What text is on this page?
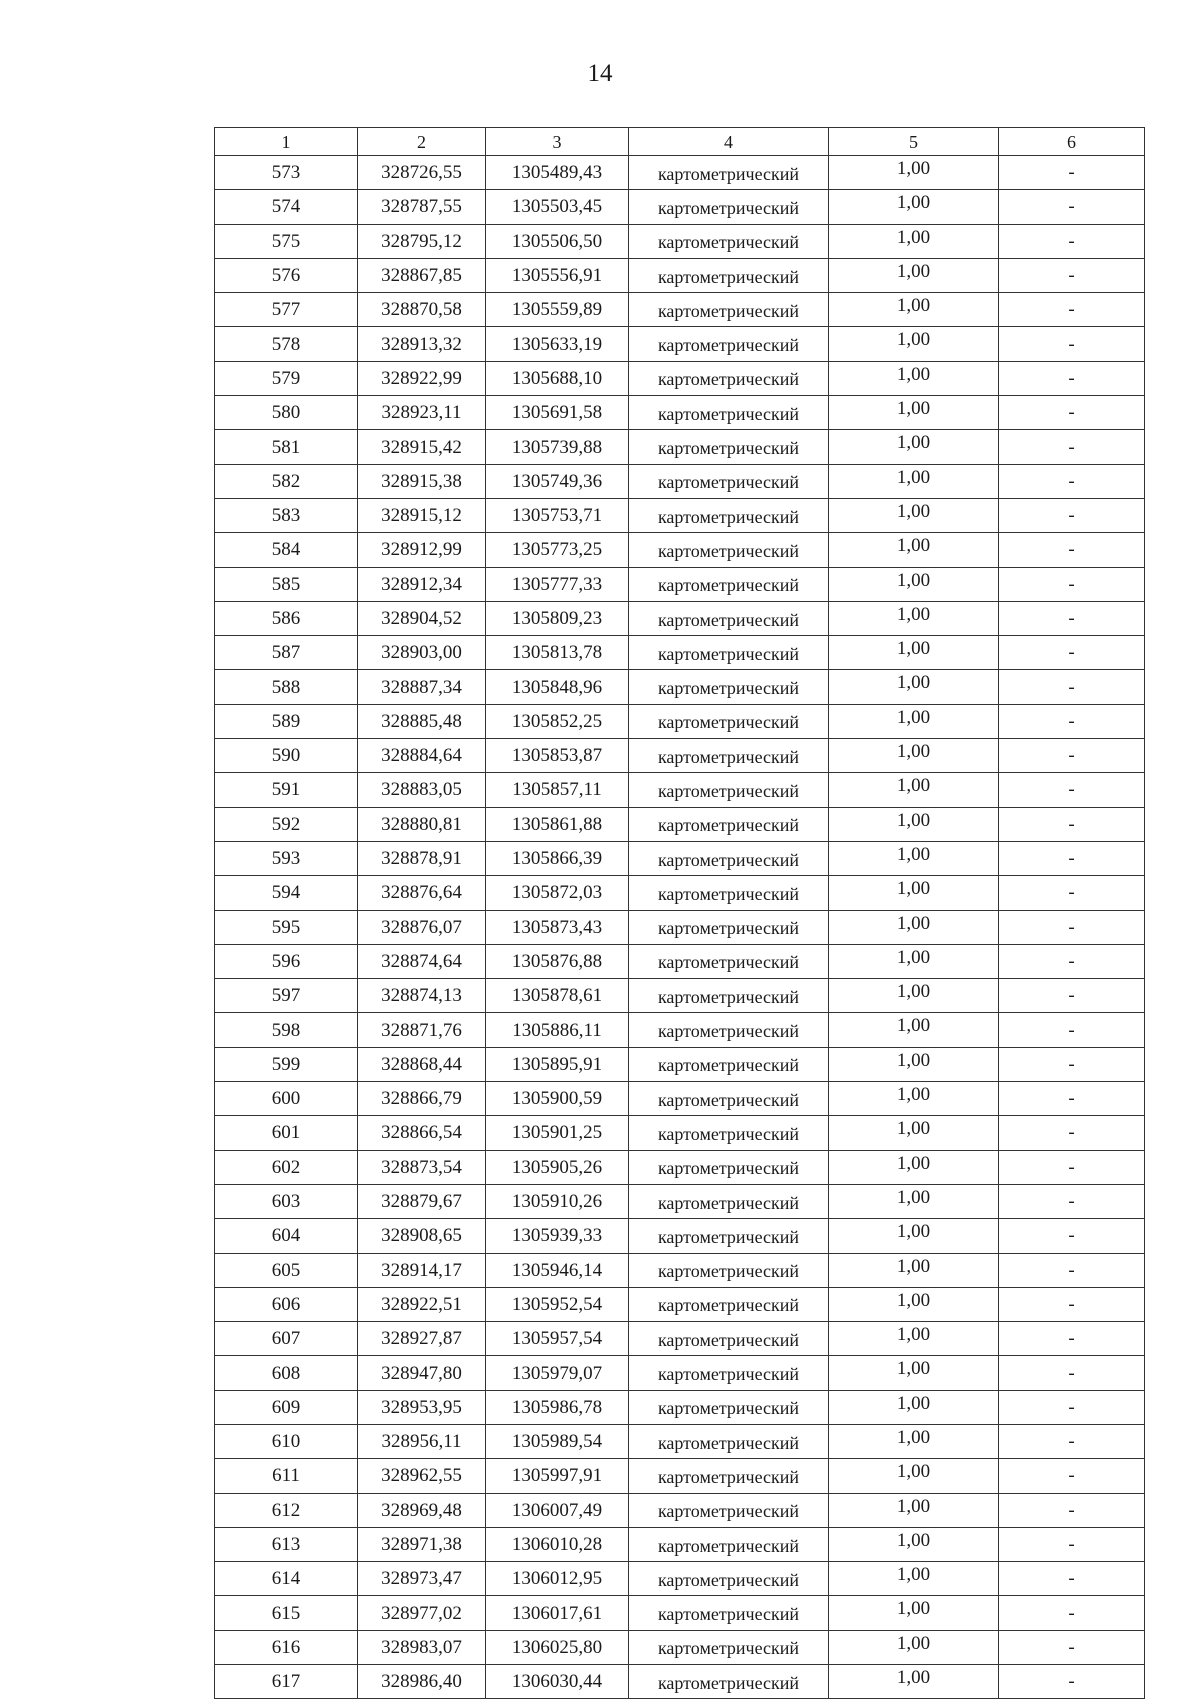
14
1	2	3	4	5	6
573	328726,55	1305489,43	картометрический	1,00	-
574	328787,55	1305503,45	картометрический	1,00	-
575	328795,12	1305506,50	картометрический	1,00	-
576	328867,85	1305556,91	картометрический	1,00	-
577	328870,58	1305559,89	картометрический	1,00	-
578	328913,32	1305633,19	картометрический	1,00	-
579	328922,99	1305688,10	картометрический	1,00	-
580	328923,11	1305691,58	картометрический	1,00	-
581	328915,42	1305739,88	картометрический	1,00	-
582	328915,38	1305749,36	картометрический	1,00	-
583	328915,12	1305753,71	картометрический	1,00	-
584	328912,99	1305773,25	картометрический	1,00	-
585	328912,34	1305777,33	картометрический	1,00	-
586	328904,52	1305809,23	картометрический	1,00	-
587	328903,00	1305813,78	картометрический	1,00	-
588	328887,34	1305848,96	картометрический	1,00	-
589	328885,48	1305852,25	картометрический	1,00	-
590	328884,64	1305853,87	картометрический	1,00	-
591	328883,05	1305857,11	картометрический	1,00	-
592	328880,81	1305861,88	картометрический	1,00	-
593	328878,91	1305866,39	картометрический	1,00	-
594	328876,64	1305872,03	картометрический	1,00	-
595	328876,07	1305873,43	картометрический	1,00	-
596	328874,64	1305876,88	картометрический	1,00	-
597	328874,13	1305878,61	картометрический	1,00	-
598	328871,76	1305886,11	картометрический	1,00	-
599	328868,44	1305895,91	картометрический	1,00	-
600	328866,79	1305900,59	картометрический	1,00	-
601	328866,54	1305901,25	картометрический	1,00	-
602	328873,54	1305905,26	картометрический	1,00	-
603	328879,67	1305910,26	картометрический	1,00	-
604	328908,65	1305939,33	картометрический	1,00	-
605	328914,17	1305946,14	картометрический	1,00	-
606	328922,51	1305952,54	картометрический	1,00	-
607	328927,87	1305957,54	картометрический	1,00	-
608	328947,80	1305979,07	картометрический	1,00	-
609	328953,95	1305986,78	картометрический	1,00	-
610	328956,11	1305989,54	картометрический	1,00	-
611	328962,55	1305997,91	картометрический	1,00	-
612	328969,48	1306007,49	картометрический	1,00	-
613	328971,38	1306010,28	картометрический	1,00	-
614	328973,47	1306012,95	картометрический	1,00	-
615	328977,02	1306017,61	картометрический	1,00	-
616	328983,07	1306025,80	картометрический	1,00	-
617	328986,40	1306030,44	картометрический	1,00	-
